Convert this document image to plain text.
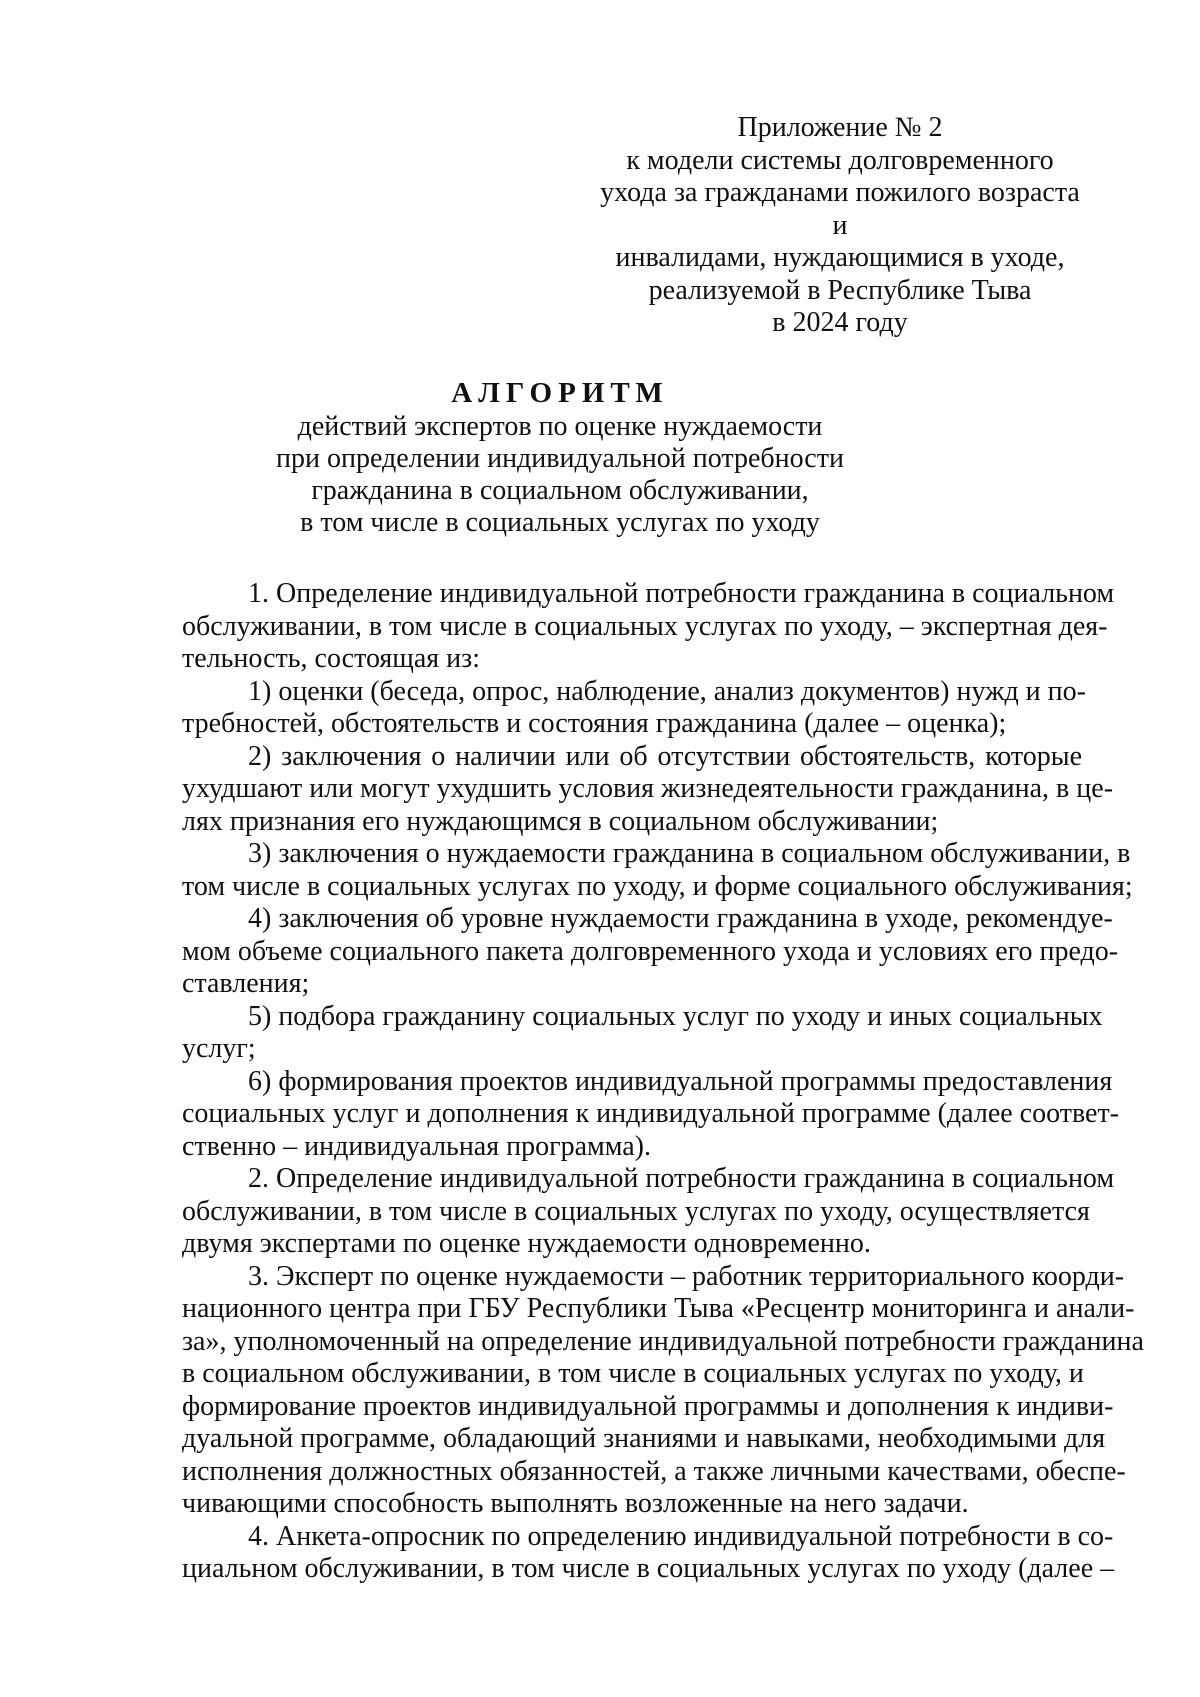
Приложение № 2
к модели системы долговременного
ухода за гражданами пожилого возраста и
инвалидами, нуждающимися в уходе,
реализуемой в Республике Тыва
в 2024 году
АЛГОРИТМ
действий экспертов по оценке нуждаемости
при определении индивидуальной потребности
гражданина в социальном обслуживании,
в том числе в социальных услугах по уходу
1. Определение индивидуальной потребности гражданина в социальном
обслуживании, в том числе в социальных услугах по уходу, – экспертная дея-
тельность, состоящая из:
1) оценки (беседа, опрос, наблюдение, анализ документов) нужд и по-
требностей, обстоятельств и состояния гражданина (далее – оценка);
2) заключения о наличии или об отсутствии обстоятельств, которые
ухудшают или могут ухудшить условия жизнедеятельности гражданина, в це-
лях признания его нуждающимся в социальном обслуживании;
3) заключения о нуждаемости гражданина в социальном обслуживании, в
том числе в социальных услугах по уходу, и форме социального обслуживания;
4) заключения об уровне нуждаемости гражданина в уходе, рекомендуе-
мом объеме социального пакета долговременного ухода и условиях его предо-
ставления;
5) подбора гражданину социальных услуг по уходу и иных социальных
услуг;
6) формирования проектов индивидуальной программы предоставления
социальных услуг и дополнения к индивидуальной программе (далее соответ-
ственно – индивидуальная программа).
2. Определение индивидуальной потребности гражданина в социальном
обслуживании, в том числе в социальных услугах по уходу, осуществляется
двумя экспертами по оценке нуждаемости одновременно.
3. Эксперт по оценке нуждаемости – работник территориального коорди-
национного центра при ГБУ Республики Тыва «Ресцентр мониторинга и анали-
за», уполномоченный на определение индивидуальной потребности гражданина
в социальном обслуживании, в том числе в социальных услугах по уходу, и
формирование проектов индивидуальной программы и дополнения к индиви-
дуальной программе, обладающий знаниями и навыками, необходимыми для
исполнения должностных обязанностей, а также личными качествами, обеспе-
чивающими способность выполнять возложенные на него задачи.
4. Анкета-опросник по определению индивидуальной потребности в со-
циальном обслуживании, в том числе в социальных услугах по уходу (далее –
